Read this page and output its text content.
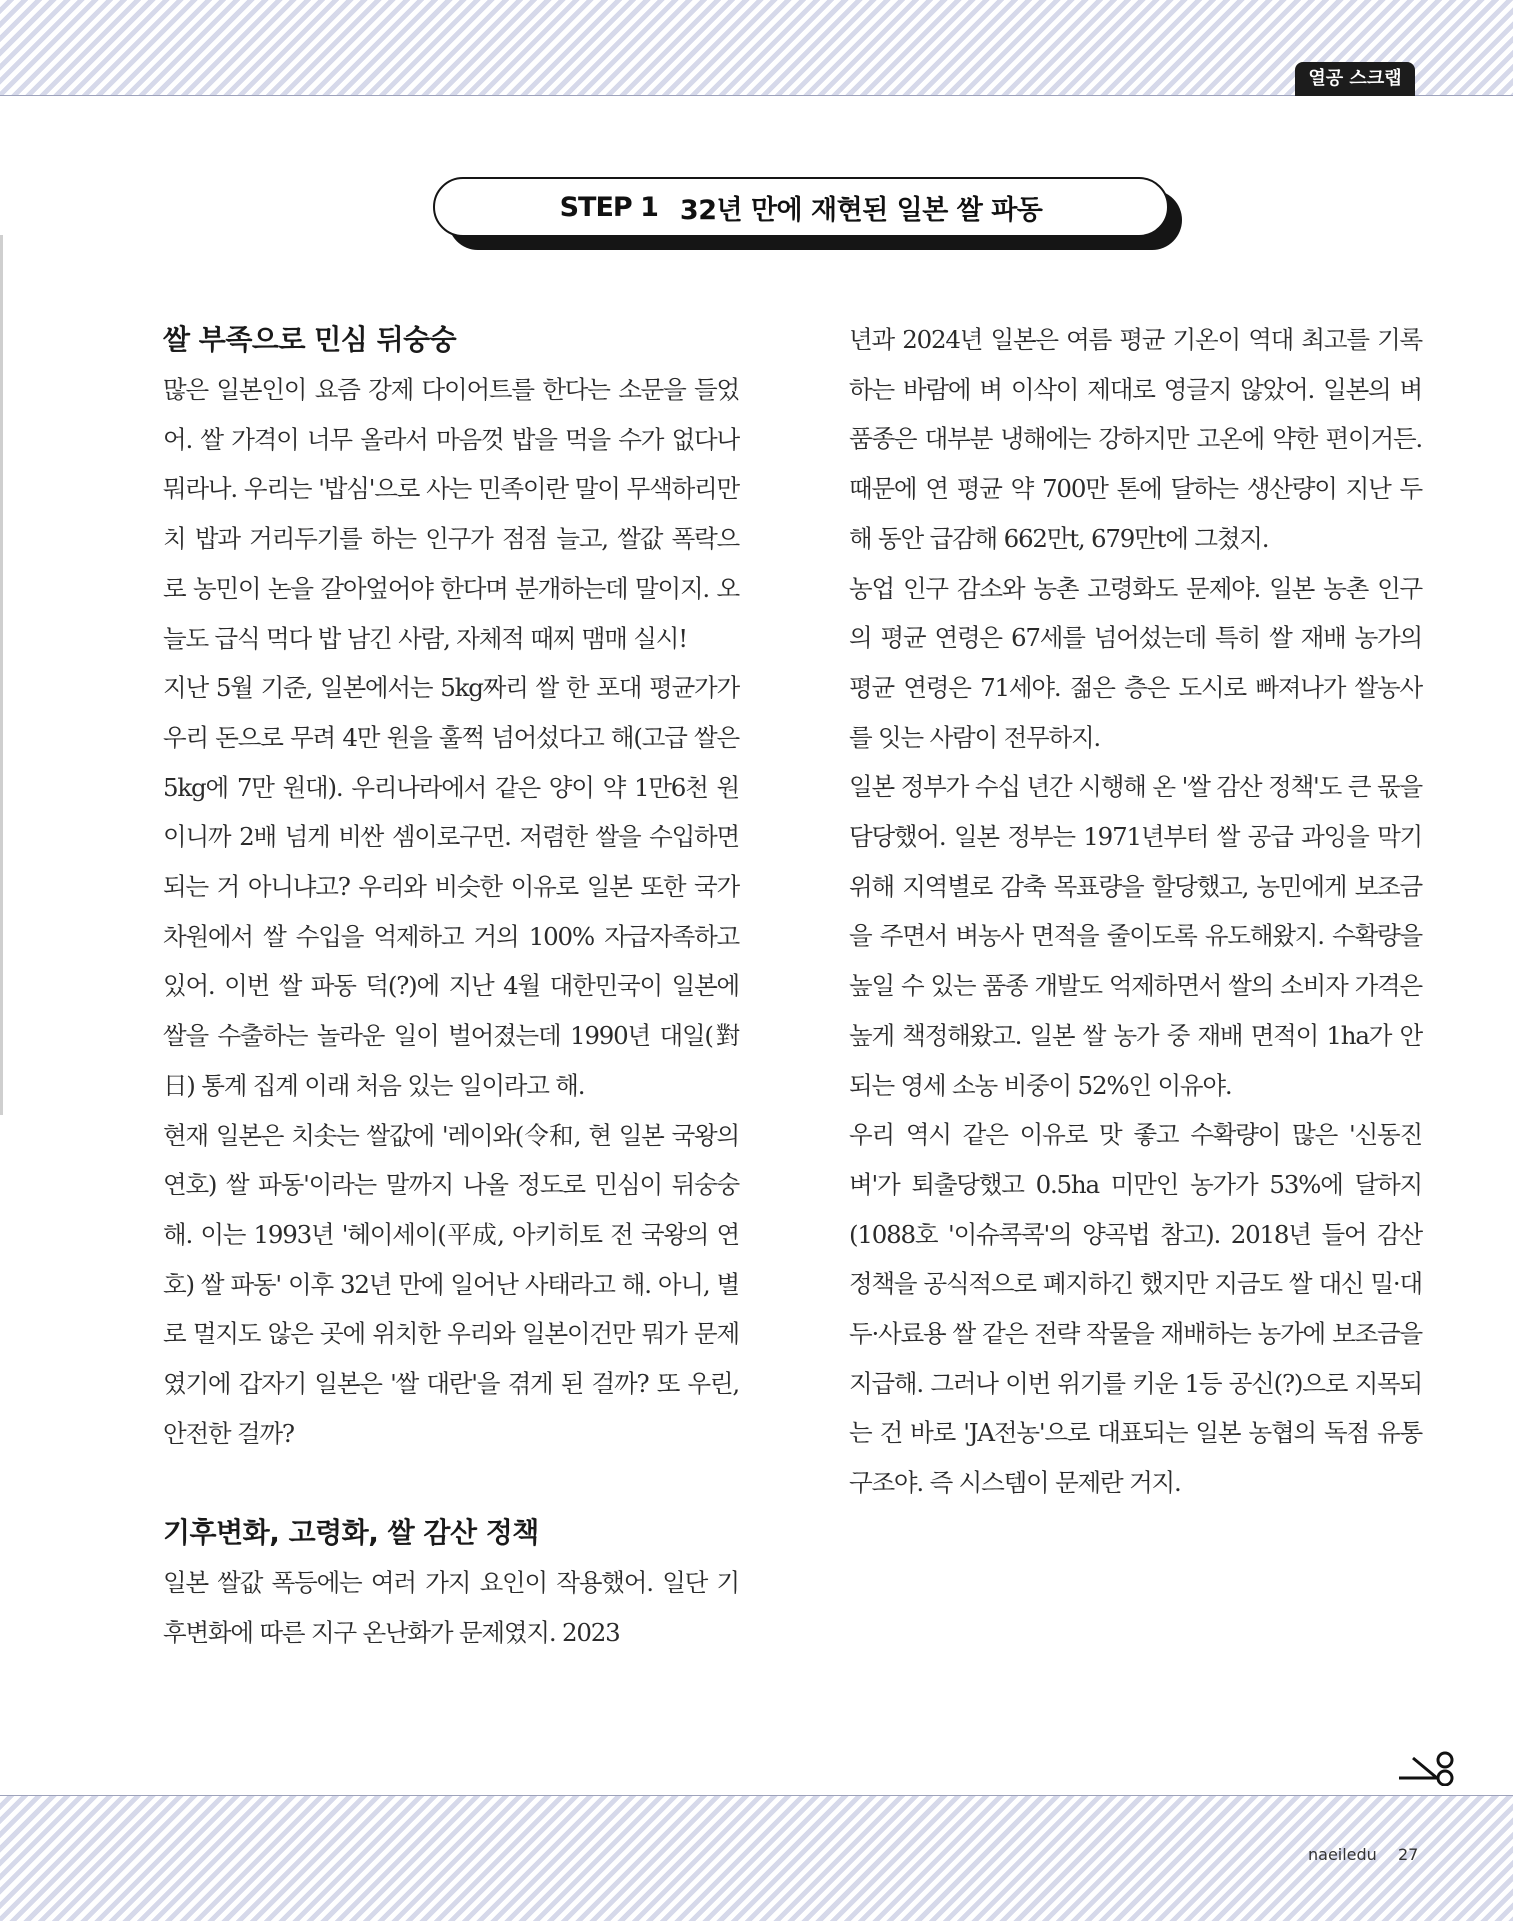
열공 스크랩
STEP 1 32년 만에 재현된 일본 쌀 파동
쌀 부족으로 민심 뒤숭숭

많은 일본인이 요즘 강제 다이어트를 한다는 소문을 들었어. 쌀 가격이 너무 올라서 마음껏 밥을 먹을 수가 없다나 뭐라나. 우리는 '밥심'으로 사는 민족이란 말이 무색하리만치 밥과 거리두기를 하는 인구가 점점 늘고, 쌀값 폭락으로 농민이 논을 갈아엎어야 한다며 분개하는데 말이지. 오늘도 급식 먹다 밥 남긴 사람, 자체적 때찌 맴매 실시!

지난 5월 기준, 일본에서는 5kg짜리 쌀 한 포대 평균가가 우리 돈으로 무려 4만 원을 훌쩍 넘어섰다고 해(고급 쌀은 5kg에 7만 원대). 우리나라에서 같은 양이 약 1만6천 원이니까 2배 넘게 비싼 셈이로구먼. 저렴한 쌀을 수입하면 되는 거 아니냐고? 우리와 비슷한 이유로 일본 또한 국가 차원에서 쌀 수입을 억제하고 거의 100% 자급자족하고 있어. 이번 쌀 파동 덕(?)에 지난 4월 대한민국이 일본에 쌀을 수출하는 놀라운 일이 벌어졌는데 1990년 대일(對日) 통계 집계 이래 처음 있는 일이라고 해.

현재 일본은 치솟는 쌀값에 '레이와(令和, 현 일본 국왕의 연호) 쌀 파동'이라는 말까지 나올 정도로 민심이 뒤숭숭해. 이는 1993년 '헤이세이(平成, 아키히토 전 국왕의 연호) 쌀 파동' 이후 32년 만에 일어난 사태라고 해. 아니, 별로 멀지도 않은 곳에 위치한 우리와 일본이건만 뭐가 문제였기에 갑자기 일본은 '쌀 대란'을 겪게 된 걸까? 또 우린, 안전한 걸까?

기후변화, 고령화, 쌀 감산 정책

일본 쌀값 폭등에는 여러 가지 요인이 작용했어. 일단 기후변화에 따른 지구 온난화가 문제였지. 2023

년과 2024년 일본은 여름 평균 기온이 역대 최고를 기록하는 바람에 벼 이삭이 제대로 영글지 않았어. 일본의 벼 품종은 대부분 냉해에는 강하지만 고온에 약한 편이거든. 때문에 연 평균 약 700만 톤에 달하는 생산량이 지난 두 해 동안 급감해 662만t, 679만t에 그쳤지.

농업 인구 감소와 농촌 고령화도 문제야. 일본 농촌 인구의 평균 연령은 67세를 넘어섰는데 특히 쌀 재배 농가의 평균 연령은 71세야. 젊은 층은 도시로 빠져나가 쌀농사를 잇는 사람이 전무하지.

일본 정부가 수십 년간 시행해 온 '쌀 감산 정책'도 큰 몫을 담당했어. 일본 정부는 1971년부터 쌀 공급 과잉을 막기 위해 지역별로 감축 목표량을 할당했고, 농민에게 보조금을 주면서 벼농사 면적을 줄이도록 유도해왔지. 수확량을 높일 수 있는 품종 개발도 억제하면서 쌀의 소비자 가격은 높게 책정해왔고. 일본 쌀 농가 중 재배 면적이 1ha가 안 되는 영세 소농 비중이 52%인 이유야.

우리 역시 같은 이유로 맛 좋고 수확량이 많은 '신동진 벼'가 퇴출당했고 0.5ha 미만인 농가가 53%에 달하지(1088호 '이슈콕콕'의 양곡법 참고). 2018년 들어 감산 정책을 공식적으로 폐지하긴 했지만 지금도 쌀 대신 밀·대두·사료용 쌀 같은 전략 작물을 재배하는 농가에 보조금을 지급해. 그러나 이번 위기를 키운 1등 공신(?)으로 지목되는 건 바로 'JA전농'으로 대표되는 일본 농협의 독점 유통 구조야. 즉 시스템이 문제란 거지.

naeiledu 27
